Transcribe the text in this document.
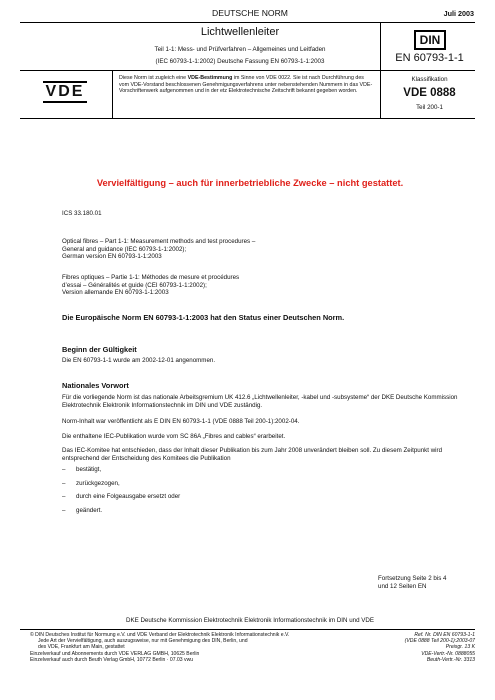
DEUTSCHE NORM	Juli 2003
Lichtwellenleiter
Teil 1-1: Mess- und Prüfverfahren – Allgemeines und Leitfaden
(IEC 60793-1-1:2002) Deutsche Fassung EN 60793-1-1:2003
DIN
EN 60793-1-1
VDE
Diese Norm ist zugleich eine VDE-Bestimmung im Sinne von VDE 0022. Sie ist nach Durchführung des vom VDE-Vorstand beschlossenen Genehmigungsverfahrens unter nebenstehenden Nummern in das VDE-Vorschriftenwerk aufgenommen und in der etz Elektrotechnische Zeitschrift bekannt gegeben worden.
Klassifikation
VDE 0888
Teil 200-1
Vervielfältigung – auch für innerbetriebliche Zwecke – nicht gestattet.
ICS 33.180.01
Optical fibres – Part 1-1: Measurement methods and test procedures –
General and guidance (IEC 60793-1-1:2002);
German version EN 60793-1-1:2003
Fibres optiques – Partie 1-1: Méthodes de mesure et procédures
d’essai – Généralités et guide (CEI 60793-1-1:2002);
Version allemande EN 60793-1-1:2003
Die Europäische Norm EN 60793-1-1:2003 hat den Status einer Deutschen Norm.
Beginn der Gültigkeit
Die EN 60793-1-1 wurde am 2002-12-01 angenommen.
Nationales Vorwort
Für die vorliegende Norm ist das nationale Arbeitsgremium UK 412.6 „Lichtwellenleiter, -kabel und -subsysteme“ der DKE Deutsche Kommission Elektrotechnik Elektronik Informationstechnik im DIN und VDE zuständig.
Norm-Inhalt war veröffentlicht als E DIN EN 60793-1-1 (VDE 0888 Teil 200-1):2002-04.
Die enthaltene IEC-Publikation wurde vom SC 86A „Fibres and cables“ erarbeitet.
Das IEC-Komitee hat entschieden, dass der Inhalt dieser Publikation bis zum Jahr 2008 unverändert bleiben soll. Zu diesem Zeitpunkt wird entsprechend der Entscheidung des Komitees die Publikation
– bestätigt,
– zurückgezogen,
– durch eine Folgeausgabe ersetzt oder
– geändert.
Fortsetzung Seite 2 bis 4
und 12 Seiten EN
DKE Deutsche Kommission Elektrotechnik Elektronik Informationstechnik im DIN und VDE
© DIN Deutsches Institut für Normung e.V. und VDE Verband der Elektrotechnik Elektronik Informationstechnik e.V.
Jede Art der Vervielfältigung, auch auszugsweise, nur mit Genehmigung des DIN, Berlin, und
des VDE, Frankfurt am Main, gestattet
Einzelverkauf und Abonnements durch VDE VERLAG GMBH, 10625 Berlin
Einzelverkauf auch durch Beuth Verlag GmbH, 10772 Berlin · 07.03 vwu
Ref. Nr. DIN EN 60793-1-1
(VDE 0888 Teil 200-1):2003-07
Preisgr. 13 K
VDE-Vertr.-Nr. 0888055
Beuth-Vertr.-Nr. 3313
